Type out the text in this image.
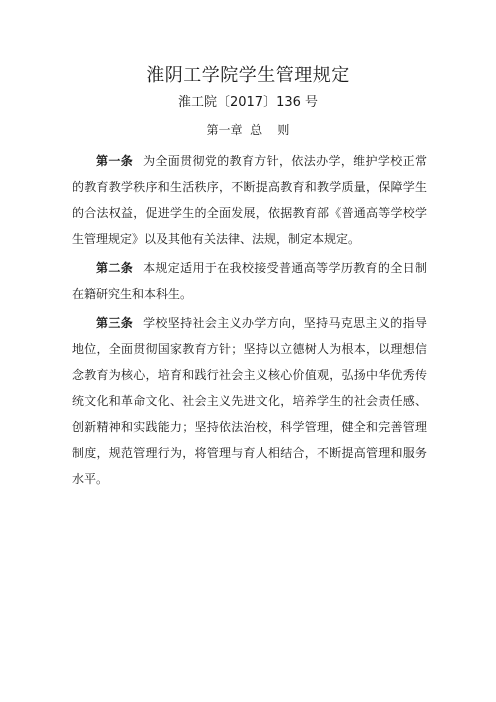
淮阴工学院学生管理规定
淮工院〔2017〕136 号
第一章  总    则

第一条 为全面贯彻党的教育方针，依法办学，维护学校正常的教育教学秩序和生活秩序，不断提高教育和教学质量，保障学生的合法权益，促进学生的全面发展，依据教育部《普通高等学校学生管理规定》以及其他有关法律、法规，制定本规定。

第二条 本规定适用于在我校接受普通高等学历教育的全日制在籍研究生和本科生。

第三条 学校坚持社会主义办学方向，坚持马克思主义的指导地位，全面贯彻国家教育方针；坚持以立德树人为根本，以理想信念教育为核心，培育和践行社会主义核心价值观，弘扬中华优秀传统文化和革命文化、社会主义先进文化，培养学生的社会责任感、创新精神和实践能力；坚持依法治校，科学管理，健全和完善管理制度，规范管理行为，将管理与育人相结合，不断提高管理和服务水平。
